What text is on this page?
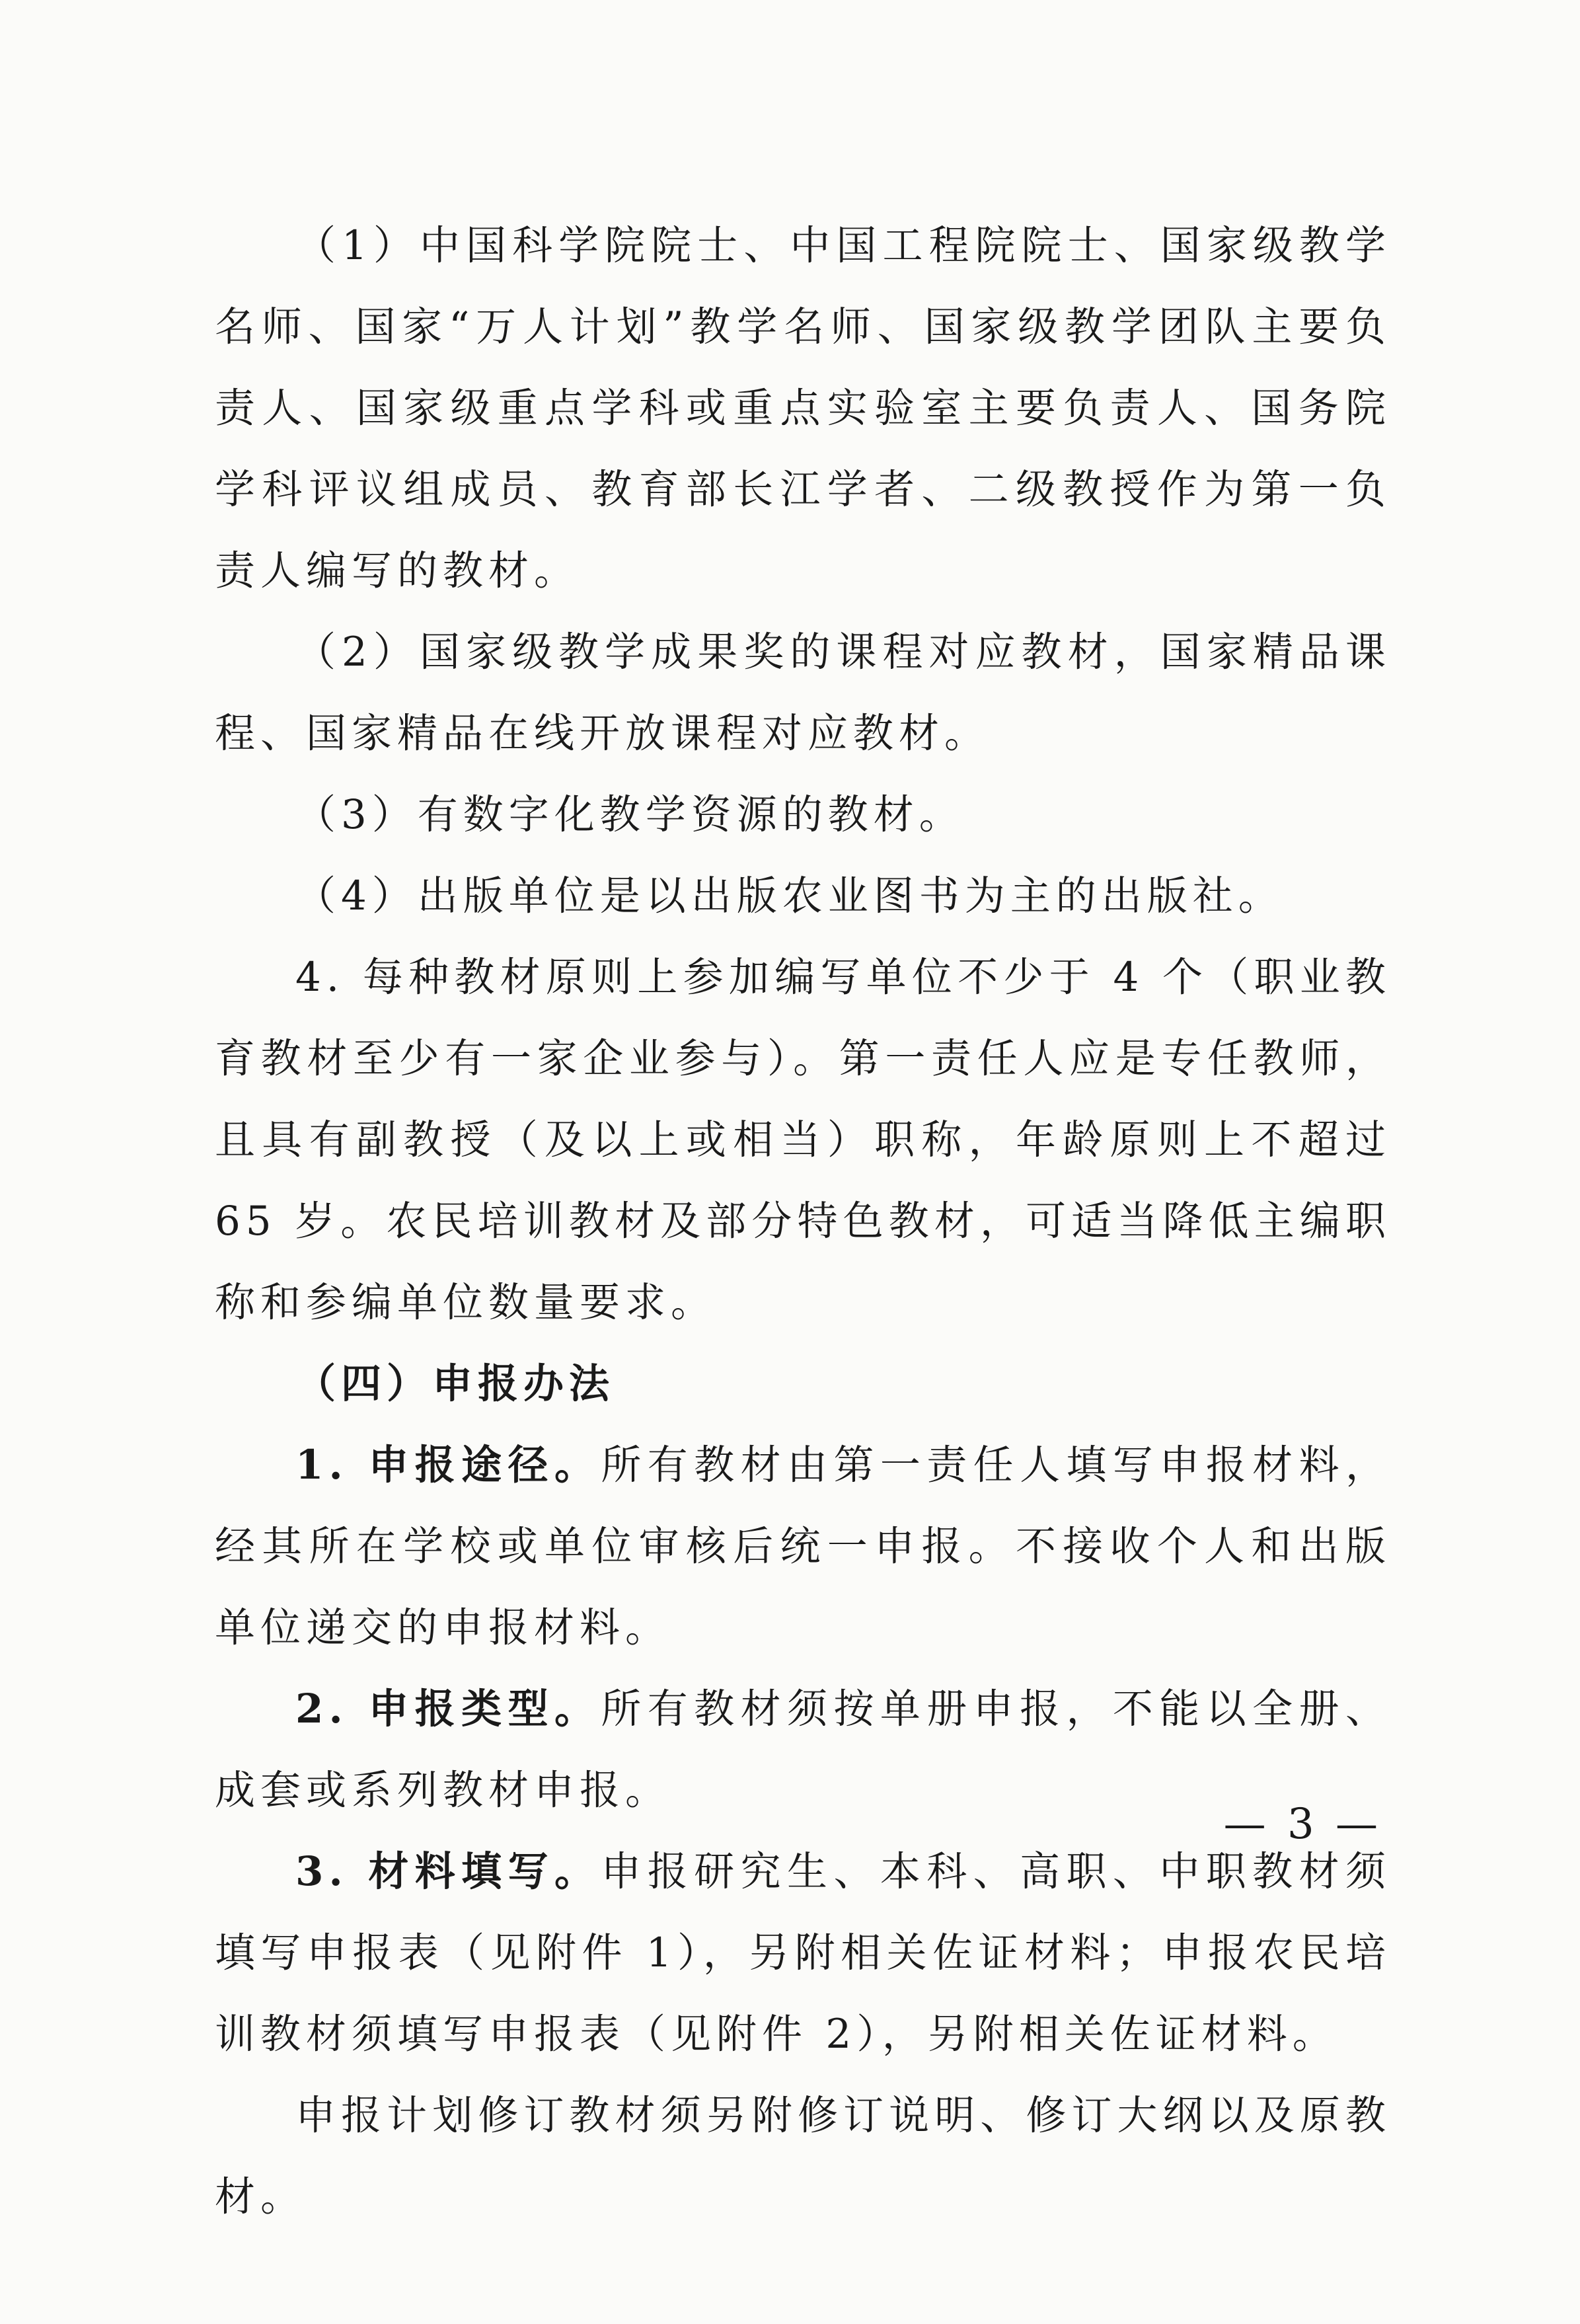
（1）中国科学院院士、中国工程院院士、国家级教学名师、国家“万人计划”教学名师、国家级教学团队主要负责人、国家级重点学科或重点实验室主要负责人、国务院学科评议组成员、教育部长江学者、二级教授作为第一负责人编写的教材。

（2）国家级教学成果奖的课程对应教材，国家精品课程、国家精品在线开放课程对应教材。

（3）有数字化教学资源的教材。

（4）出版单位是以出版农业图书为主的出版社。

4. 每种教材原则上参加编写单位不少于 4 个（职业教育教材至少有一家企业参与）。第一责任人应是专任教师，且具有副教授（及以上或相当）职称，年龄原则上不超过 65 岁。农民培训教材及部分特色教材，可适当降低主编职称和参编单位数量要求。

（四）申报办法

1. 申报途径。所有教材由第一责任人填写申报材料，经其所在学校或单位审核后统一申报。不接收个人和出版单位递交的申报材料。

2. 申报类型。所有教材须按单册申报，不能以全册、成套或系列教材申报。

3. 材料填写。申报研究生、本科、高职、中职教材须填写申报表（见附件 1），另附相关佐证材料；申报农民培训教材须填写申报表（见附件 2），另附相关佐证材料。

申报计划修订教材须另附修订说明、修订大纲以及原教材。

— 3 —
